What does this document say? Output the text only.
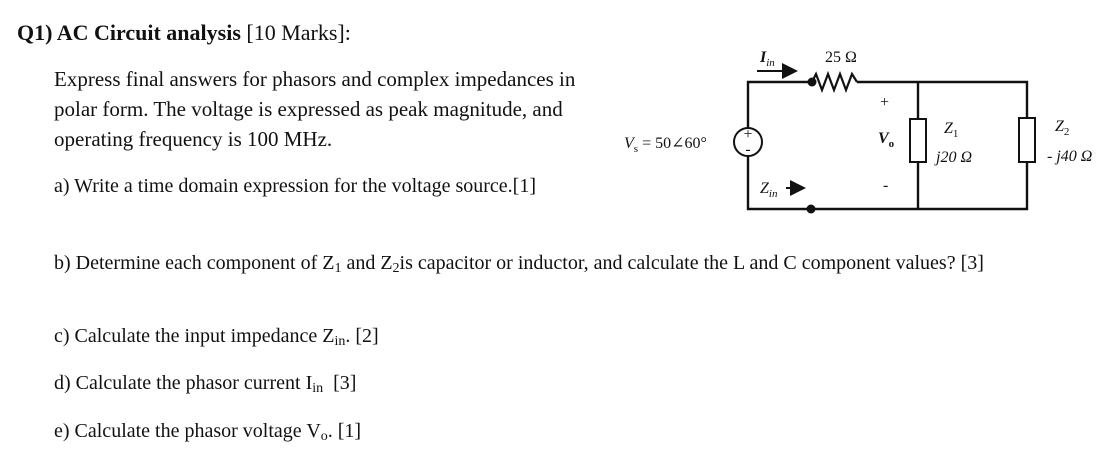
Q1) AC Circuit analysis [10 Marks]:
Express final answers for phasors and complex impedances in polar form. The voltage is expressed as peak magnitude, and operating frequency is 100 MHz.
a) Write a time domain expression for the voltage source.[1]
b) Determine each component of $Z_1$ and $Z_2is$ capacitor or inductor, and calculate the L and C component values? [3]
c) Calculate the input impedance $Z_{in}$. [2]
d) Calculate the phasor current $I_{in}$  [3]
e) Calculate the phasor voltage $V_o$. [1]
+
-
$V_s$ = 50∠60°
$I_{in}$
$Z_{in}$
25 Ω
+
$V_o$
-
$Z_1$
j20 Ω
$Z_2$
- j40 Ω
